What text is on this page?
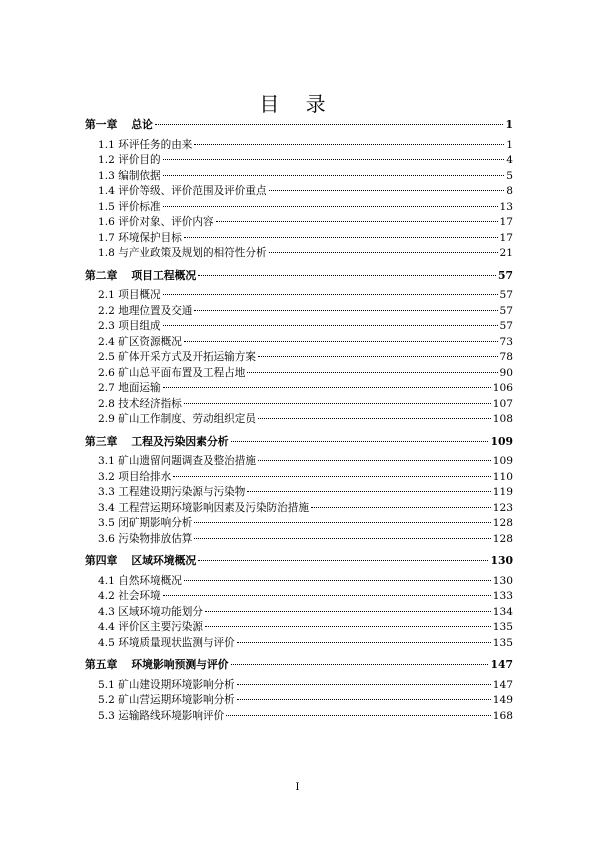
目 录
第一章 总论	1
1.1 环评任务的由来	1
1.2 评价目的	4
1.3 编制依据	5
1.4 评价等级、评价范围及评价重点	8
1.5 评价标准	13
1.6 评价对象、评价内容	17
1.7 环境保护目标	17
1.8 与产业政策及规划的相符性分析	21
第二章 项目工程概况	57
2.1 项目概况	57
2.2 地理位置及交通	57
2.3 项目组成	57
2.4 矿区资源概况	73
2.5 矿体开采方式及开拓运输方案	78
2.6 矿山总平面布置及工程占地	90
2.7 地面运输	106
2.8 技术经济指标	107
2.9 矿山工作制度、劳动组织定员	108
第三章 工程及污染因素分析	109
3.1 矿山遗留问题调查及整治措施	109
3.2 项目给排水	110
3.3 工程建设期污染源与污染物	119
3.4 工程营运期环境影响因素及污染防治措施	123
3.5 闭矿期影响分析	128
3.6 污染物排放估算	128
第四章 区域环境概况	130
4.1 自然环境概况	130
4.2 社会环境	133
4.3 区域环境功能划分	134
4.4 评价区主要污染源	135
4.5 环境质量现状监测与评价	135
第五章 环境影响预测与评价	147
5.1 矿山建设期环境影响分析	147
5.2 矿山营运期环境影响分析	149
5.3 运输路线环境影响评价	168
I
